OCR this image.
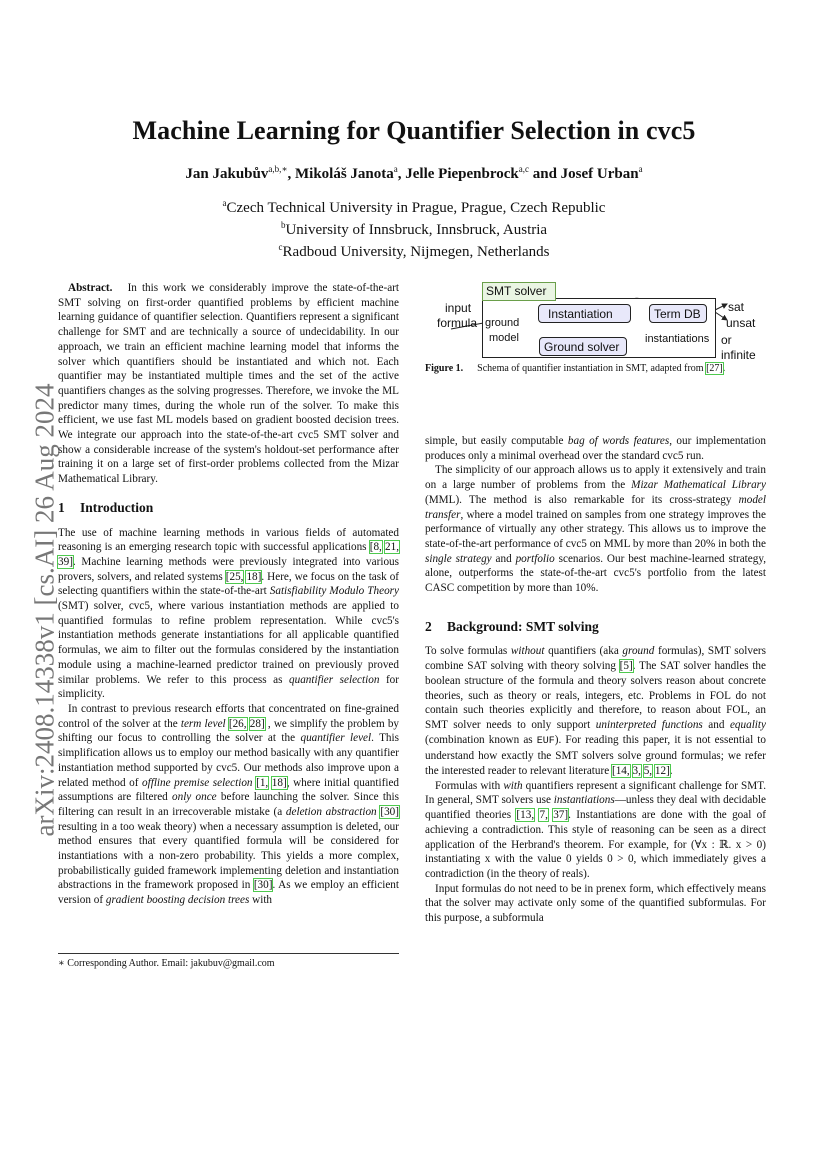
Machine Learning for Quantifier Selection in cvc5
Jan Jakubův$^{a,b,∗}$, Mikoláš Janota$^a$, Jelle Piepenbrock$^{a,c}$ and Josef Urban$^a$
$^a$Czech Technical University in Prague, Prague, Czech Republic
$^b$University of Innsbruck, Innsbruck, Austria
$^c$Radboud University, Nijmegen, Netherlands
arXiv:2408.14338v1 [cs.AI] 26 Aug 2024

Abstract. In this work we considerably improve the state-of-the-art SMT solving on first-order quantified problems by efficient machine learning guidance of quantifier selection. Quantifiers represent a significant challenge for SMT and are technically a source of undecidability. In our approach, we train an efficient machine learning model that informs the solver which quantifiers should be instantiated and which not. Each quantifier may be instantiated multiple times and the set of the active quantifiers changes as the solving progresses. Therefore, we invoke the ML predictor many times, during the whole run of the solver. To make this efficient, we use fast ML models based on gradient boosted decision trees. We integrate our approach into the state-of-the-art cvc5 SMT solver and show a considerable increase of the system's holdout-set performance after training it on a large set of first-order problems collected from the Mizar Mathematical Library.

1 Introduction

The use of machine learning methods in various fields of automated reasoning is an emerging research topic with successful applications [8, 21, 39]. Machine learning methods were previously integrated into various provers, solvers, and related systems [25, 18]. Here, we focus on the task of selecting quantifiers within the state-of-the-art Satisfiability Modulo Theory (SMT) solver, cvc5, where various instantiation methods are applied to quantified formulas to refine problem representation. While cvc5's instantiation methods generate instantiations for all applicable quantified formulas, we aim to filter out the formulas considered by the instantiation module using a machine-learned predictor trained on previously proved similar problems. We refer to this process as quantifier selection for simplicity.

In contrast to previous research efforts that concentrated on fine-grained control of the solver at the term level [26, 28] , we simplify the problem by shifting our focus to controlling the solver at the quantifier level. This simplification allows us to employ our method basically with any quantifier instantiation method supported by cvc5. Our methods also improve upon a related method of offline premise selection [1, 18], where initial quantified assumptions are filtered only once before launching the solver. Since this filtering can result in an irrecoverable mistake (a deletion abstraction [30] resulting in a too weak theory) when a necessary assumption is deleted, our method ensures that every quantified formula will be considered for instantiations with a non-zero probability. This yields a more complex, probabilistically guided framework implementing deletion and instantiation abstractions in the framework proposed in [30]. As we employ an efficient version of gradient boosting decision trees with

∗ Corresponding Author. Email: jakubuv@gmail.com
SMT solver
input
formula ground
model
Instantiation	Term DB
Ground solver
instantiations
sat
unsat
or
infinite
Figure 1. Schema of quantifier instantiation in SMT, adapted from [27].

simple, but easily computable bag of words features, our implementation produces only a minimal overhead over the standard cvc5 run.

The simplicity of our approach allows us to apply it extensively and train on a large number of problems from the Mizar Mathematical Library (MML). The method is also remarkable for its cross-strategy model transfer, where a model trained on samples from one strategy improves the performance of virtually any other strategy. This allows us to improve the state-of-the-art performance of cvc5 on MML by more than 20% in both the single strategy and portfolio scenarios. Our best machine-learned strategy, alone, outperforms the state-of-the-art cvc5's portfolio from the latest CASC competition by more than 10%.

2 Background: SMT solving

To solve formulas without quantifiers (aka ground formulas), SMT solvers combine SAT solving with theory solving [5]. The SAT solver handles the boolean structure of the formula and theory solvers reason about concrete theories, such as theory or reals, integers, etc. Problems in FOL do not contain such theories explicitly and therefore, to reason about FOL, an SMT solver needs to only support uninterpreted functions and equality (combination known as EUF). For reading this paper, it is not essential to understand how exactly the SMT solvers solve ground formulas; we refer the interested reader to relevant literature [14, 3, 5, 12].

Formulas with with quantifiers represent a significant challenge for SMT. In general, SMT solvers use instantiations—unless they deal with decidable quantified theories [13, 7, 37]. Instantiations are done with the goal of achieving a contradiction. This style of reasoning can be seen as a direct application of the Herbrand's theorem. For example, for (∀x : ℝ. x > 0) instantiating x with the value 0 yields 0 > 0, which immediately gives a contradiction (in the theory of reals).

Input formulas do not need to be in prenex form, which effectively means that the solver may activate only some of the quantified subformulas. For this purpose, a subformula
